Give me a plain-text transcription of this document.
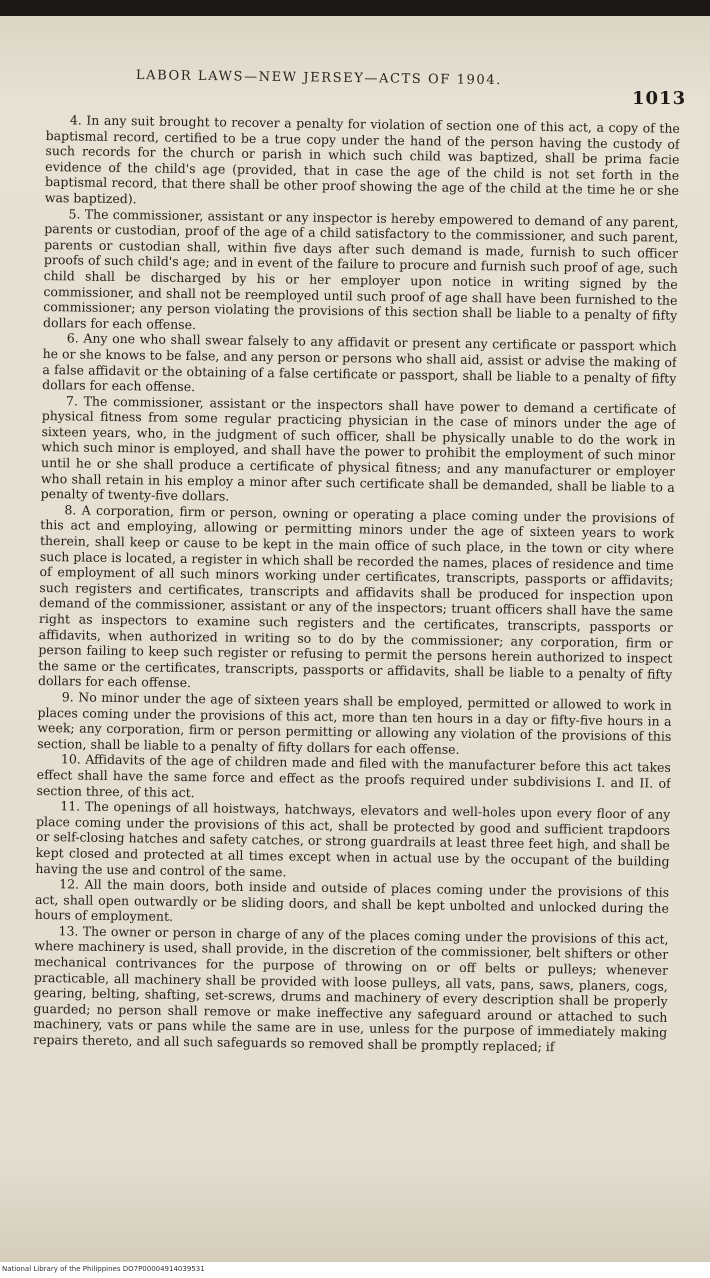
LABOR LAWS—NEW JERSEY—ACTS OF 1904.
1013

4. In any suit brought to recover a penalty for violation of section one of this act, a copy of the baptismal record, certified to be a true copy under the hand of the person having the custody of such records for the church or parish in which such child was baptized, shall be prima facie evidence of the child's age (provided, that in case the age of the child is not set forth in the baptismal record, that there shall be other proof showing the age of the child at the time he or she was baptized).

5. The commissioner, assistant or any inspector is hereby empowered to demand of any parent, parents or custodian, proof of the age of a child satisfactory to the commissioner, and such parent, parents or custodian shall, within five days after such demand is made, furnish to such officer proofs of such child's age; and in event of the failure to procure and furnish such proof of age, such child shall be discharged by his or her employer upon notice in writing signed by the commissioner, and shall not be reemployed until such proof of age shall have been furnished to the commissioner; any person violating the provisions of this section shall be liable to a penalty of fifty dollars for each offense.

6. Any one who shall swear falsely to any affidavit or present any certificate or passport which he or she knows to be false, and any person or persons who shall aid, assist or advise the making of a false affidavit or the obtaining of a false certificate or passport, shall be liable to a penalty of fifty dollars for each offense.

7. The commissioner, assistant or the inspectors shall have power to demand a certificate of physical fitness from some regular practicing physician in the case of minors under the age of sixteen years, who, in the judgment of such officer, shall be physically unable to do the work in which such minor is employed, and shall have the power to prohibit the employment of such minor until he or she shall produce a certificate of physical fitness; and any manufacturer or employer who shall retain in his employ a minor after such certificate shall be demanded, shall be liable to a penalty of twenty-five dollars.

8. A corporation, firm or person, owning or operating a place coming under the provisions of this act and employing, allowing or permitting minors under the age of sixteen years to work therein, shall keep or cause to be kept in the main office of such place, in the town or city where such place is located, a register in which shall be recorded the names, places of residence and time of employment of all such minors working under certificates, transcripts, passports or affidavits; such registers and certificates, transcripts and affidavits shall be produced for inspection upon demand of the commissioner, assistant or any of the inspectors; truant officers shall have the same right as inspectors to examine such registers and the certificates, transcripts, passports or affidavits, when authorized in writing so to do by the commissioner; any corporation, firm or person failing to keep such register or refusing to permit the persons herein authorized to inspect the same or the certificates, transcripts, passports or affidavits, shall be liable to a penalty of fifty dollars for each offense.

9. No minor under the age of sixteen years shall be employed, permitted or allowed to work in places coming under the provisions of this act, more than ten hours in a day or fifty-five hours in a week; any corporation, firm or person permitting or allowing any violation of the provisions of this section, shall be liable to a penalty of fifty dollars for each offense.

10. Affidavits of the age of children made and filed with the manufacturer before this act takes effect shall have the same force and effect as the proofs required under subdivisions I. and II. of section three, of this act.

11. The openings of all hoistways, hatchways, elevators and well-holes upon every floor of any place coming under the provisions of this act, shall be protected by good and sufficient trapdoors or self-closing hatches and safety catches, or strong guardrails at least three feet high, and shall be kept closed and protected at all times except when in actual use by the occupant of the building having the use and control of the same.

12. All the main doors, both inside and outside of places coming under the provisions of this act, shall open outwardly or be sliding doors, and shall be kept unbolted and unlocked during the hours of employment.

13. The owner or person in charge of any of the places coming under the provisions of this act, where machinery is used, shall provide, in the discretion of the commissioner, belt shifters or other mechanical contrivances for the purpose of throwing on or off belts or pulleys; whenever practicable, all machinery shall be provided with loose pulleys, all vats, pans, saws, planers, cogs, gearing, belting, shafting, set-screws, drums and machinery of every description shall be properly guarded; no person shall remove or make ineffective any safeguard around or attached to such machinery, vats or pans while the same are in use, unless for the purpose of immediately making repairs thereto, and all such safeguards so removed shall be promptly replaced; if

National Library of the Philippines DO7P00004914039531
